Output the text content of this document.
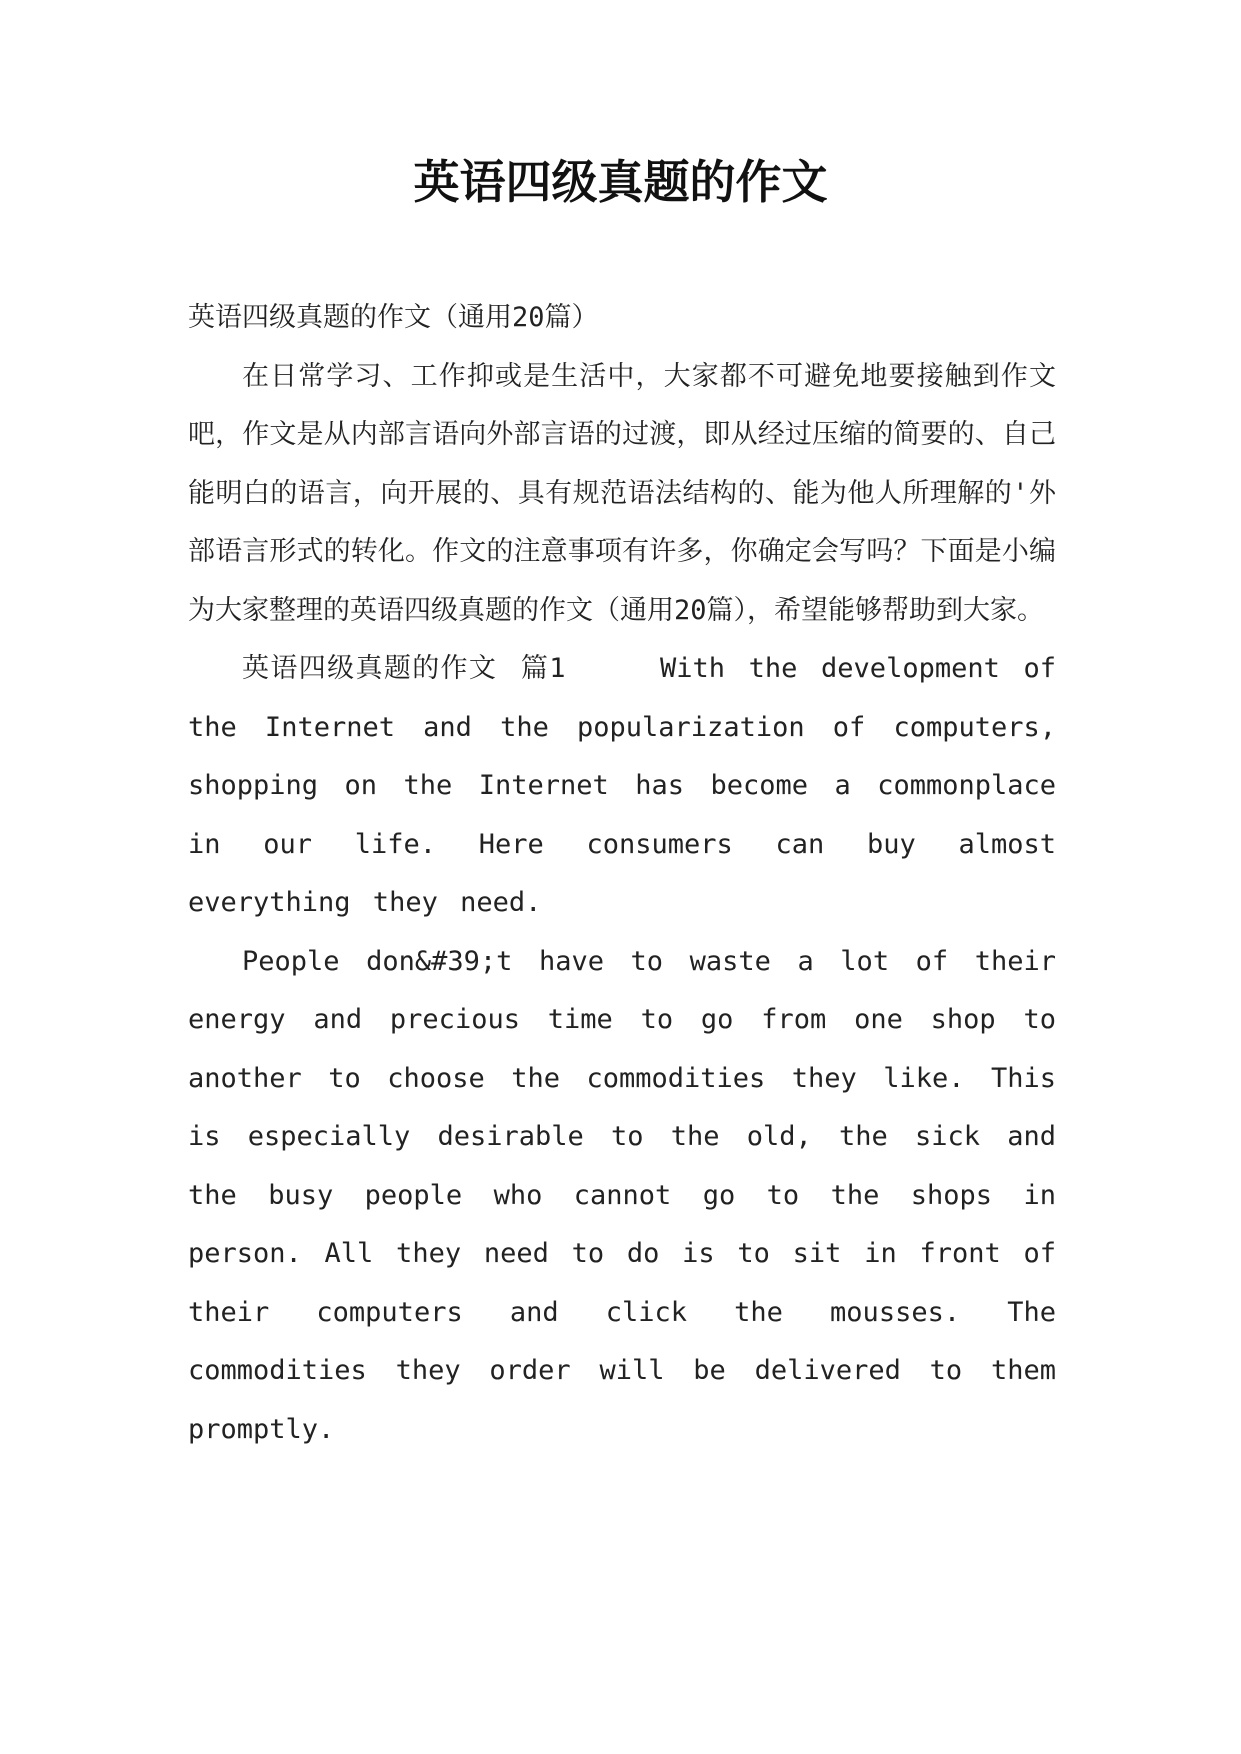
英语四级真题的作文

英语四级真题的作文（通用20篇）

在日常学习、工作抑或是生活中，大家都不可避免地要接触到作文吧，作文是从内部言语向外部言语的过渡，即从经过压缩的简要的、自己能明白的语言，向开展的、具有规范语法结构的、能为他人所理解的'外部语言形式的转化。作文的注意事项有许多，你确定会写吗？下面是小编为大家整理的英语四级真题的作文（通用20篇），希望能够帮助到大家。

英语四级真题的作文 篇1	With the development of the Internet and the popularization of computers, shopping on the Internet has become a commonplace in our life. Here consumers can buy almost everything they need.

People don&#39;t have to waste a lot of their energy and precious time to go from one shop to another to choose the commodities they like. This is especially desirable to the old, the sick and the busy people who cannot go to the shops in person. All they need to do is to sit in front of their computers and click the mousses. The commodities they order will be delivered to them promptly.
